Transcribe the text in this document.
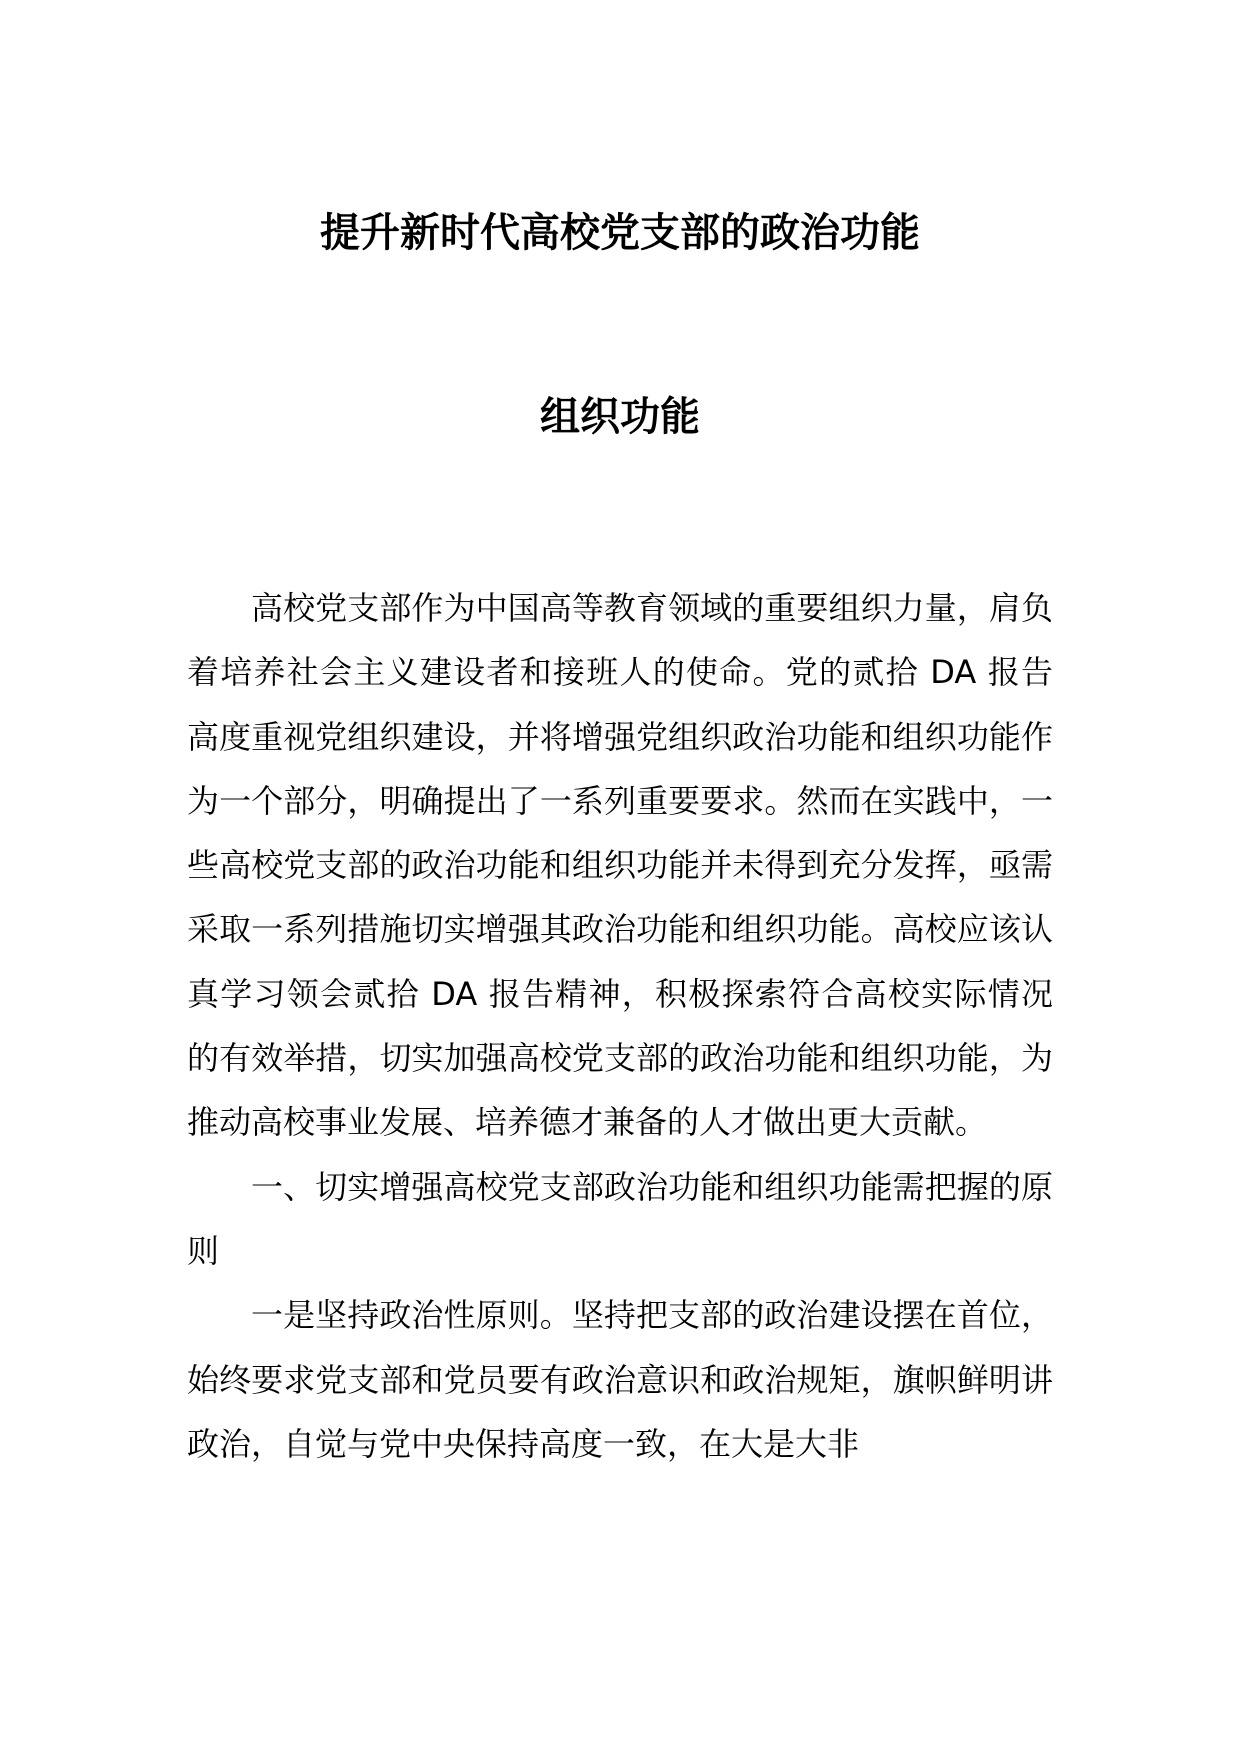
提升新时代高校党支部的政治功能
组织功能

高校党支部作为中国高等教育领域的重要组织力量，肩负着培养社会主义建设者和接班人的使命。党的贰拾 DA 报告高度重视党组织建设，并将增强党组织政治功能和组织功能作为一个部分，明确提出了一系列重要要求。然而在实践中，一些高校党支部的政治功能和组织功能并未得到充分发挥，亟需采取一系列措施切实增强其政治功能和组织功能。高校应该认真学习领会贰拾 DA 报告精神，积极探索符合高校实际情况的有效举措，切实加强高校党支部的政治功能和组织功能，为推动高校事业发展、培养德才兼备的人才做出更大贡献。

一、切实增强高校党支部政治功能和组织功能需把握的原则

一是坚持政治性原则。坚持把支部的政治建设摆在首位，始终要求党支部和党员要有政治意识和政治规矩，旗帜鲜明讲政治，自觉与党中央保持高度一致，在大是大非
